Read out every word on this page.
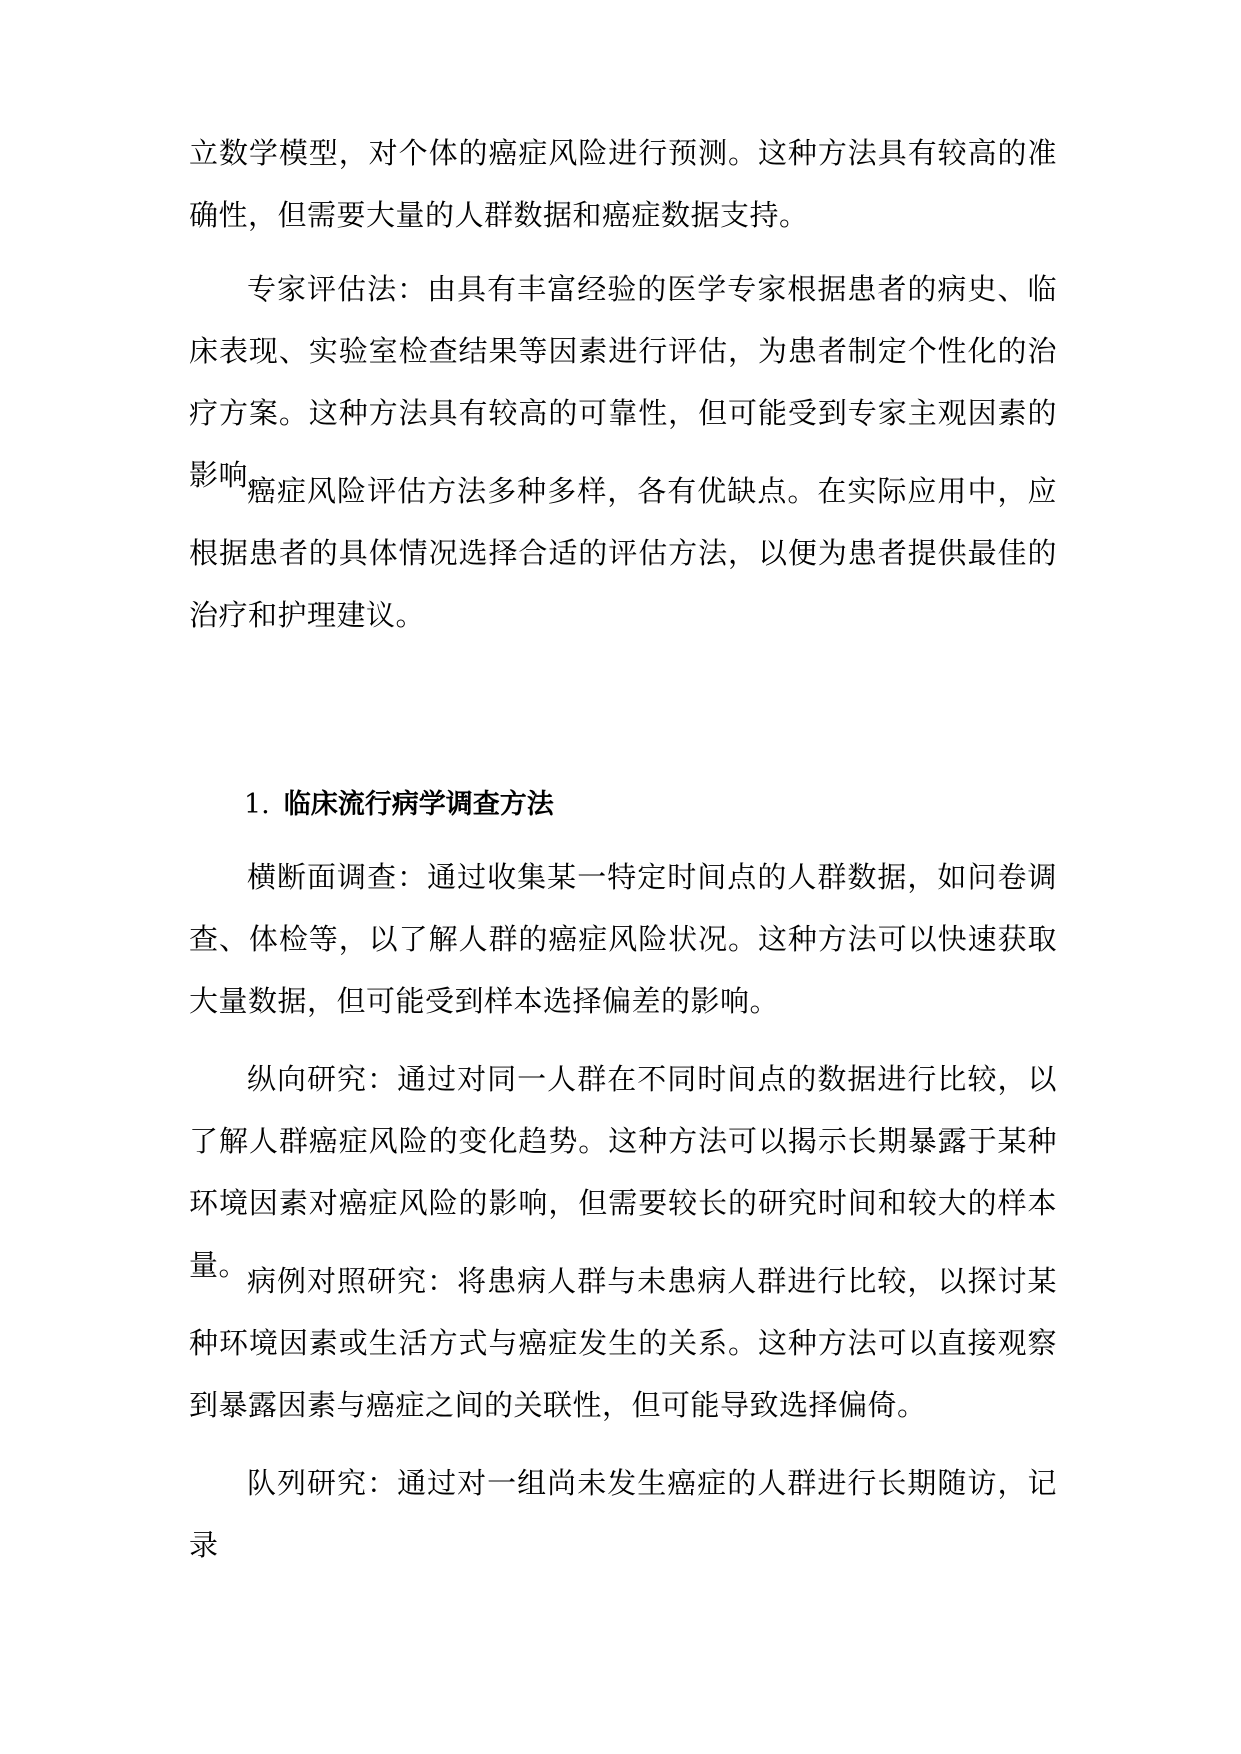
立数学模型，对个体的癌症风险进行预测。这种方法具有较高的准确性，但需要大量的人群数据和癌症数据支持。

专家评估法：由具有丰富经验的医学专家根据患者的病史、临床表现、实验室检查结果等因素进行评估，为患者制定个性化的治疗方案。这种方法具有较高的可靠性，但可能受到专家主观因素的影响。

癌症风险评估方法多种多样，各有优缺点。在实际应用中，应根据患者的具体情况选择合适的评估方法，以便为患者提供最佳的治疗和护理建议。

1. 临床流行病学调查方法

横断面调查：通过收集某一特定时间点的人群数据，如问卷调查、体检等，以了解人群的癌症风险状况。这种方法可以快速获取大量数据，但可能受到样本选择偏差的影响。

纵向研究：通过对同一人群在不同时间点的数据进行比较，以了解人群癌症风险的变化趋势。这种方法可以揭示长期暴露于某种环境因素对癌症风险的影响，但需要较长的研究时间和较大的样本量。

病例对照研究：将患病人群与未患病人群进行比较，以探讨某种环境因素或生活方式与癌症发生的关系。这种方法可以直接观察到暴露因素与癌症之间的关联性，但可能导致选择偏倚。

队列研究：通过对一组尚未发生癌症的人群进行长期随访，记录
